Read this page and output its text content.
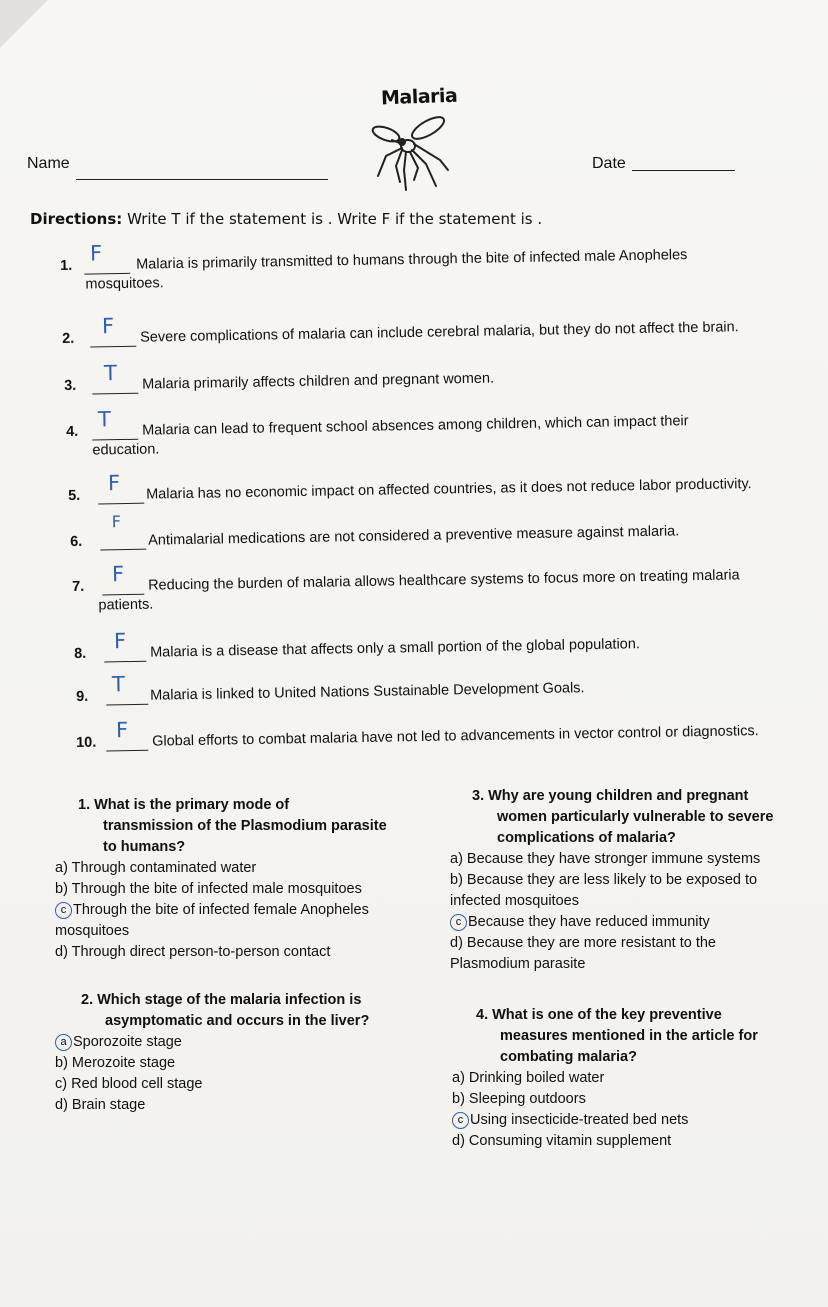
Malaria
Name	Date
Directions: Write T if the statement is . Write F if the statement is .
1.
F Malaria is primarily transmitted to humans through the bite of infected male Anopheles
mosquitoes.
2.
F Severe complications of malaria can include cerebral malaria, but they do not affect the brain.
3.
T Malaria primarily affects children and pregnant women.
4.
T Malaria can lead to frequent school absences among children, which can impact their
education.
5.
F Malaria has no economic impact on affected countries, as it does not reduce labor productivity.
6.
F
Antimalarial medications are not considered a preventive measure against malaria.
7.
F Reducing the burden of malaria allows healthcare systems to focus more on treating malaria
patients.
8.
F Malaria is a disease that affects only a small portion of the global population.
9.
T Malaria is linked to United Nations Sustainable Development Goals.
10.
F Global efforts to combat malaria have not led to advancements in vector control or diagnostics.
1. What is the primary mode of
transmission of the Plasmodium parasite
to humans?
a) Through contaminated water
b) Through the bite of infected male mosquitoes
c Through the bite of infected female Anopheles
mosquitoes
d) Through direct person-to-person contact
2. Which stage of the malaria infection is
asymptomatic and occurs in the liver?
a Sporozoite stage
b) Merozoite stage
c) Red blood cell stage
d) Brain stage
3. Why are young children and pregnant
women particularly vulnerable to severe
complications of malaria?
a) Because they have stronger immune systems
b) Because they are less likely to be exposed to
infected mosquitoes
c Because they have reduced immunity
d) Because they are more resistant to the
Plasmodium parasite
4. What is one of the key preventive
measures mentioned in the article for
combating malaria?
a) Drinking boiled water
b) Sleeping outdoors
c Using insecticide-treated bed nets
d) Consuming vitamin supplement
